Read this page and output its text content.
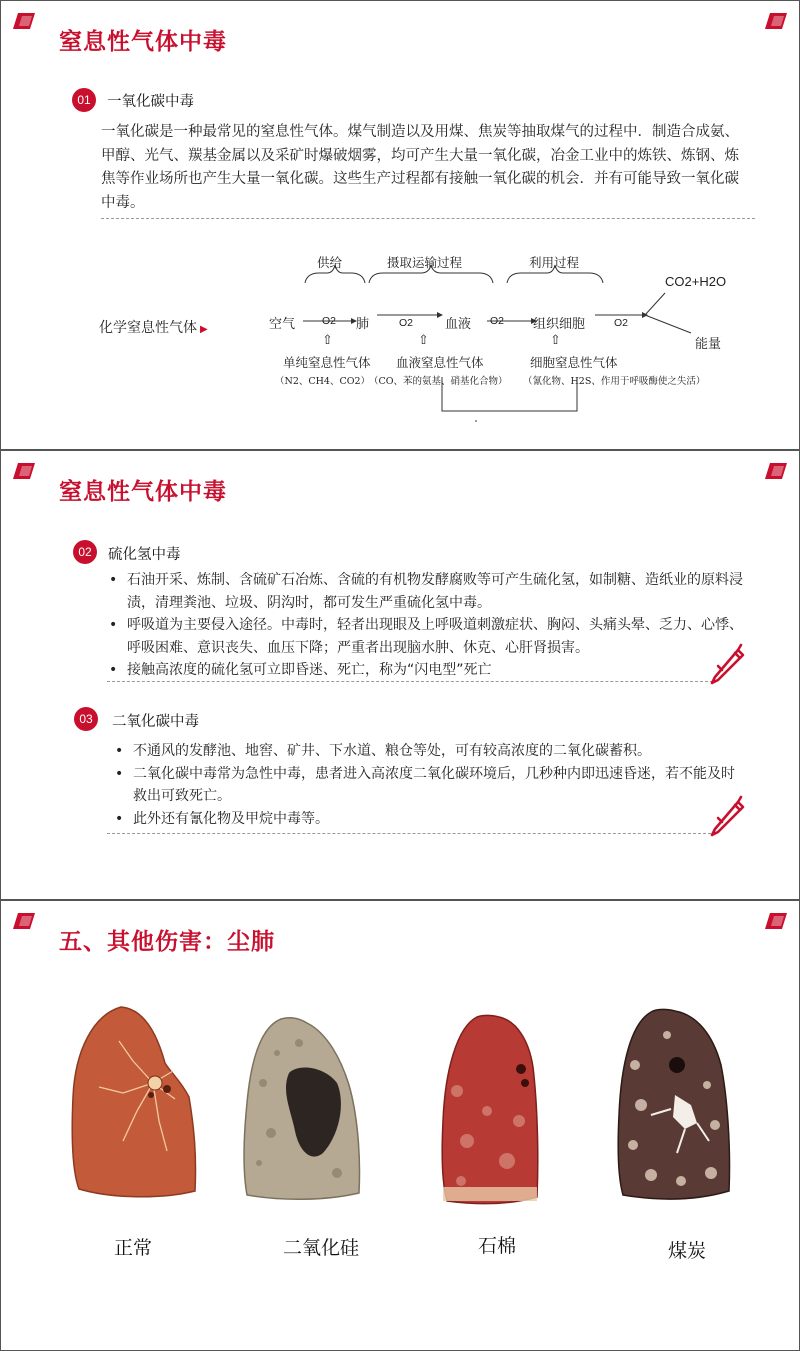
窒息性气体中毒
01	一氧化碳中毒
一氧化碳是一种最常见的窒息性气体。煤气制造以及用煤、焦炭等抽取煤气的过程中．制造合成氨、甲醇、光气、羰基金属以及采矿时爆破烟雾，均可产生大量一氧化碳，冶金工业中的炼铁、炼钢、炼焦等作业场所也产生大量一氧化碳。这些生产过程都有接触一氧化碳的机会．并有可能导致一氧化碳中毒。
供给	摄取运输过程	利用过程
化学窒息性气体 ▶	空气	O2 肺	O2 血液 O2 组织细胞	O2
CO2+H2O
能量
⇧	⇧	⇧
单纯窒息性气体 血液窒息性气体	细胞窒息性气体
（N2、CH4、CO2）
（CO、苯的氨基、硝基化合物） （氰化物、H2S、作用于呼吸酶使之失活）
窒息性气体中毒
02	硫化氢中毒
• 石油开采、炼制、含硫矿石冶炼、含硫的有机物发酵腐败等可产生硫化氢，如制糖、造纸业的原料浸渍，清理粪池、垃圾、阴沟时，都可发生严重硫化氢中毒。
• 呼吸道为主要侵入途径。中毒时，轻者出现眼及上呼吸道刺激症状、胸闷、头痛头晕、乏力、心悸、呼吸困难、意识丧失、血压下降；严重者出现脑水肿、休克、心肝肾损害。
• 接触高浓度的硫化氢可立即昏迷、死亡，称为“闪电型”死亡
03	二氧化碳中毒
• 不通风的发酵池、地窖、矿井、下水道、粮仓等处，可有较高浓度的二氧化碳蓄积。
• 二氧化碳中毒常为急性中毒，患者进入高浓度二氧化碳环境后，几秒种内即迅速昏迷，若不能及时救出可致死亡。
• 此外还有氰化物及甲烷中毒等。
五、其他伤害：尘肺
正常	二氧化硅	石棉	煤炭
